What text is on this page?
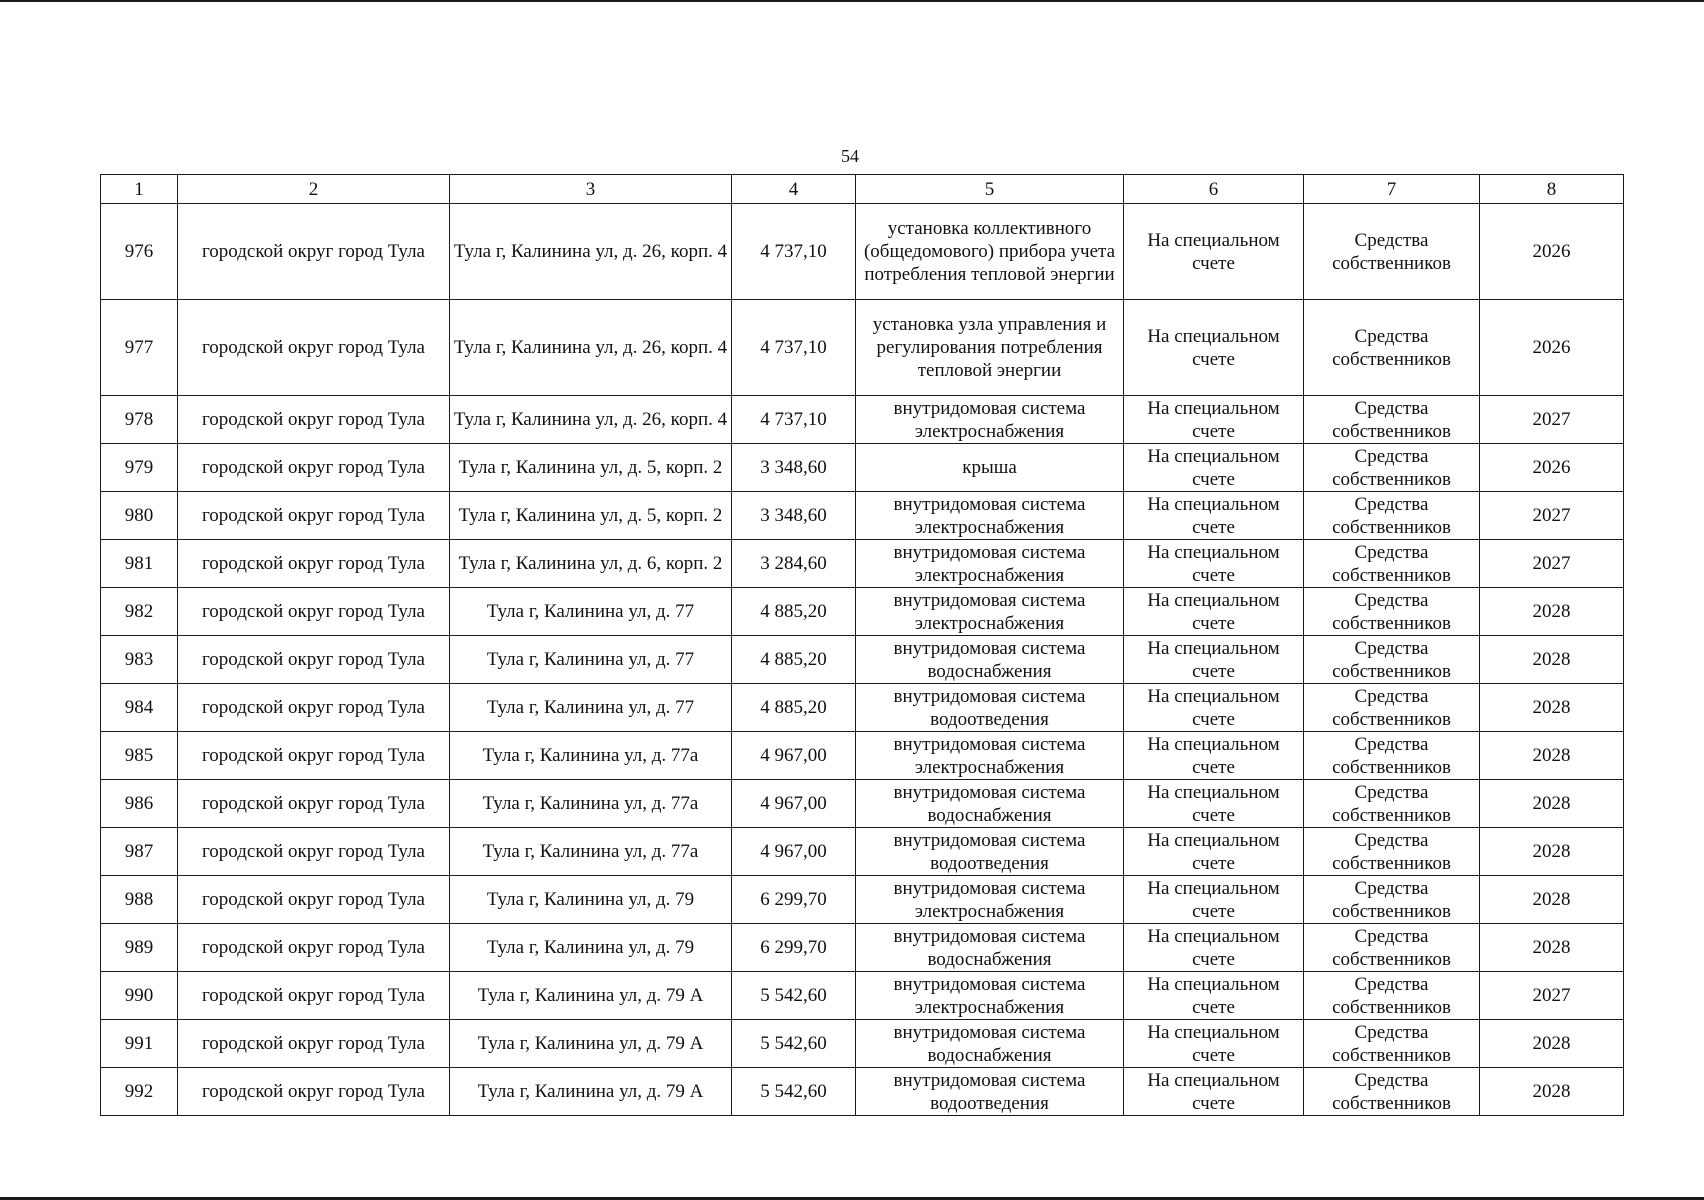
54
1	2	3	4	5	6	7	8
976	городской округ город Тула	Тула г, Калинина ул, д. 26, корп. 4	4 737,10	установка коллективного (общедомового) прибора учета потребления тепловой энергии	На специальном счете	Средства собственников	2026
977	городской округ город Тула	Тула г, Калинина ул, д. 26, корп. 4	4 737,10	установка узла управления и регулирования потребления тепловой энергии	На специальном счете	Средства собственников	2026
978	городской округ город Тула	Тула г, Калинина ул, д. 26, корп. 4	4 737,10	внутридомовая система электроснабжения	На специальном счете	Средства собственников	2027
979	городской округ город Тула	Тула г, Калинина ул, д. 5, корп. 2	3 348,60	крыша	На специальном счете	Средства собственников	2026
980	городской округ город Тула	Тула г, Калинина ул, д. 5, корп. 2	3 348,60	внутридомовая система электроснабжения	На специальном счете	Средства собственников	2027
981	городской округ город Тула	Тула г, Калинина ул, д. 6, корп. 2	3 284,60	внутридомовая система электроснабжения	На специальном счете	Средства собственников	2027
982	городской округ город Тула	Тула г, Калинина ул, д. 77	4 885,20	внутридомовая система электроснабжения	На специальном счете	Средства собственников	2028
983	городской округ город Тула	Тула г, Калинина ул, д. 77	4 885,20	внутридомовая система водоснабжения	На специальном счете	Средства собственников	2028
984	городской округ город Тула	Тула г, Калинина ул, д. 77	4 885,20	внутридомовая система водоотведения	На специальном счете	Средства собственников	2028
985	городской округ город Тула	Тула г, Калинина ул, д. 77а	4 967,00	внутридомовая система электроснабжения	На специальном счете	Средства собственников	2028
986	городской округ город Тула	Тула г, Калинина ул, д. 77а	4 967,00	внутридомовая система водоснабжения	На специальном счете	Средства собственников	2028
987	городской округ город Тула	Тула г, Калинина ул, д. 77а	4 967,00	внутридомовая система водоотведения	На специальном счете	Средства собственников	2028
988	городской округ город Тула	Тула г, Калинина ул, д. 79	6 299,70	внутридомовая система электроснабжения	На специальном счете	Средства собственников	2028
989	городской округ город Тула	Тула г, Калинина ул, д. 79	6 299,70	внутридомовая система водоснабжения	На специальном счете	Средства собственников	2028
990	городской округ город Тула	Тула г, Калинина ул, д. 79 А	5 542,60	внутридомовая система электроснабжения	На специальном счете	Средства собственников	2027
991	городской округ город Тула	Тула г, Калинина ул, д. 79 А	5 542,60	внутридомовая система водоснабжения	На специальном счете	Средства собственников	2028
992	городской округ город Тула	Тула г, Калинина ул, д. 79 А	5 542,60	внутридомовая система водоотведения	На специальном счете	Средства собственников	2028
